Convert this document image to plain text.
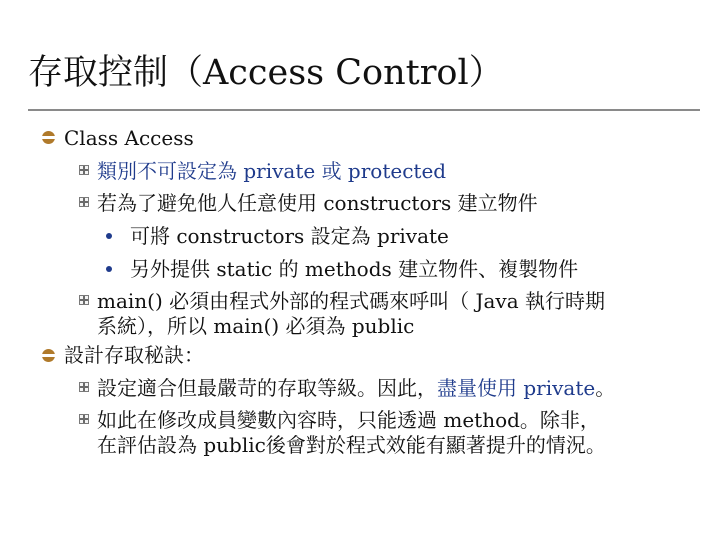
存取控制（Access Control）
Class Access
類別不可設定為 private 或 protected
若為了避免他人任意使用 constructors 建立物件
可將 constructors 設定為 private
另外提供 static 的 methods 建立物件、複製物件
main() 必須由程式外部的程式碼來呼叫（ Java 執行時期
系統），所以 main() 必須為 public
設計存取秘訣：
設定適合但最嚴苛的存取等級。因此，盡量使用 private。
如此在修改成員變數內容時，只能透過 method。除非，
在評估設為 public後會對於程式效能有顯著提升的情況。
